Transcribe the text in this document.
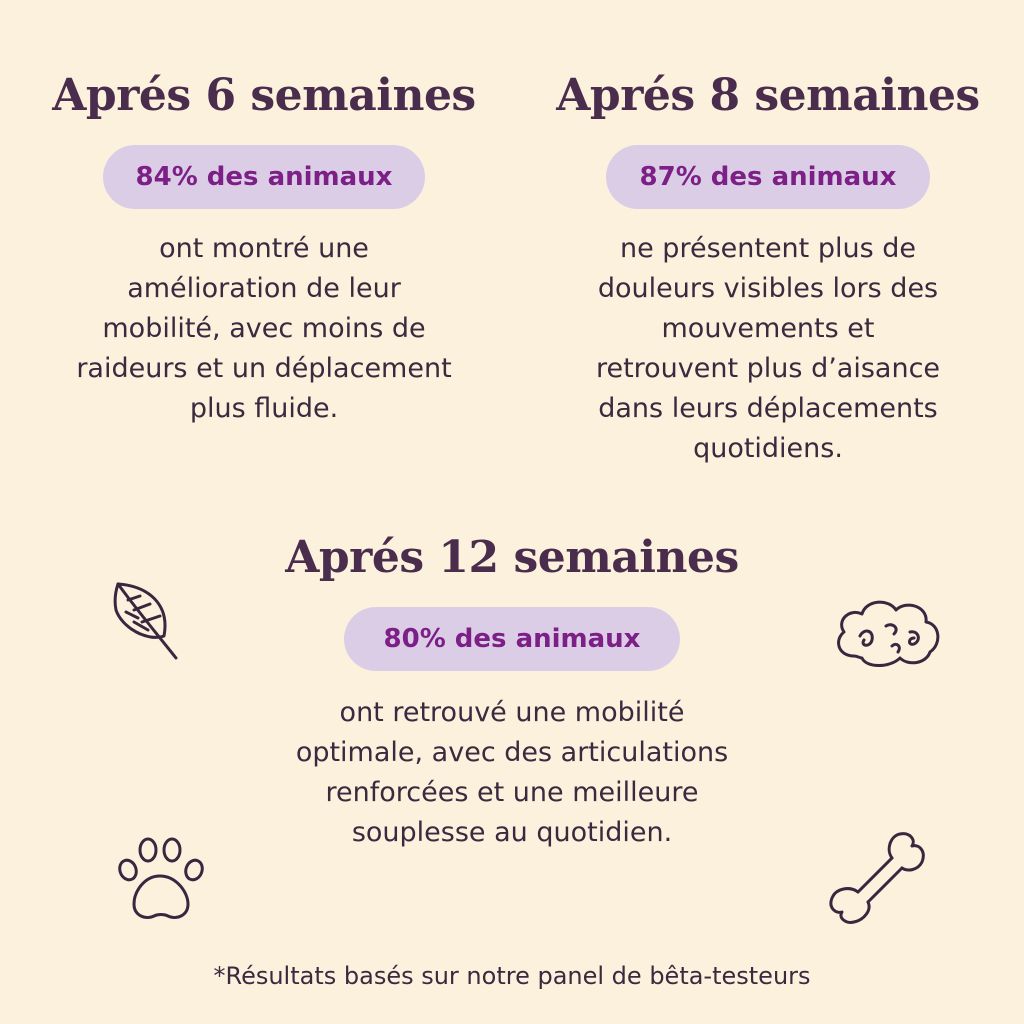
Aprés 6 semaines
84% des animaux

ont montré une
amélioration de leur
mobilité, avec moins de
raideurs et un déplacement
plus fluide.

Aprés 8 semaines
87% des animaux

ne présentent plus de
douleurs visibles lors des
mouvements et
retrouvent plus d’aisance
dans leurs déplacements
quotidiens.

Aprés 12 semaines
80% des animaux

ont retrouvé une mobilité
optimale, avec des articulations
renforcées et une meilleure
souplesse au quotidien.

*Résultats basés sur notre panel de bêta-testeurs
